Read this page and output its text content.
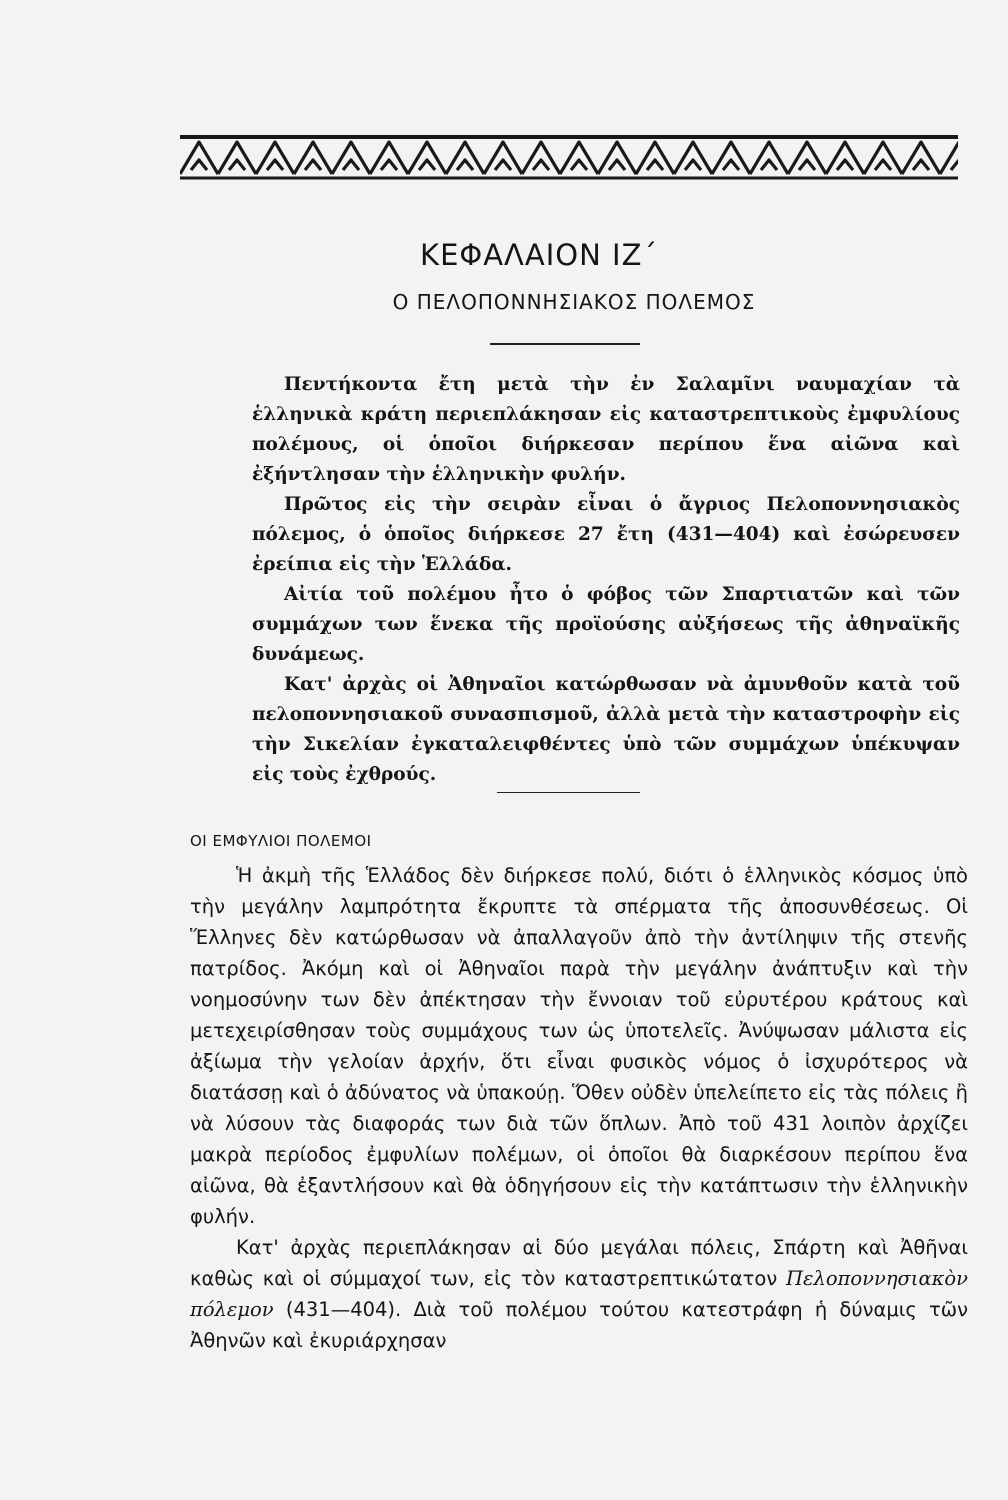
ΚΕΦΑΛΑΙΟΝ ΙΖ΄
Ο ΠΕΛΟΠΟΝΝΗΣΙΑΚΟΣ ΠΟΛΕΜΟΣ

Πεντήκοντα ἔτη μετὰ τὴν ἐν Σαλαμῖνι ναυμαχίαν τὰ ἑλληνικὰ κράτη περιεπλάκησαν εἰς καταστρεπτικοὺς ἐμφυλίους πολέμους, οἱ ὁποῖοι διήρκεσαν περίπου ἕνα αἰῶνα καὶ ἐξήντλησαν τὴν ἑλληνικὴν φυλήν.

Πρῶτος εἰς τὴν σειρὰν εἶναι ὁ ἄγριος Πελοποννησιακὸς πόλεμος, ὁ ὁποῖος διήρκεσε 27 ἔτη (431—404) καὶ ἐσώρευσεν ἐρείπια εἰς τὴν Ἑλλάδα.

Αἰτία τοῦ πολέμου ἦτο ὁ φόβος τῶν Σπαρτιατῶν καὶ τῶν συμμάχων των ἕνεκα τῆς προϊούσης αὐξήσεως τῆς ἀθηναϊκῆς δυνάμεως.

Κατ' ἀρχὰς οἱ Ἀθηναῖοι κατώρθωσαν νὰ ἀμυνθοῦν κατὰ τοῦ πελοποννησιακοῦ συνασπισμοῦ, ἀλλὰ μετὰ τὴν καταστροφὴν εἰς τὴν Σικελίαν ἐγκαταλειφθέντες ὑπὸ τῶν συμμάχων ὑπέκυψαν εἰς τοὺς ἐχθρούς.

ΟΙ ΕΜΦΥΛΙΟΙ ΠΟΛΕΜΟΙ

Ἡ ἀκμὴ τῆς Ἑλλάδος δὲν διήρκεσε πολύ, διότι ὁ ἑλληνικὸς κόσμος ὑπὸ τὴν μεγάλην λαμπρότητα ἔκρυπτε τὰ σπέρματα τῆς ἀποσυνθέσεως. Οἱ Ἕλληνες δὲν κατώρθωσαν νὰ ἀπαλλαγοῦν ἀπὸ τὴν ἀντίληψιν τῆς στενῆς πατρίδος. Ἀκόμη καὶ οἱ Ἀθηναῖοι παρὰ τὴν μεγάλην ἀνάπτυξιν καὶ τὴν νοημοσύνην των δὲν ἀπέκτησαν τὴν ἔννοιαν τοῦ εὐρυτέρου κράτους καὶ μετεχειρίσθησαν τοὺς συμμάχους των ὡς ὑποτελεῖς. Ἀνύψωσαν μάλιστα εἰς ἀξίωμα τὴν γελοίαν ἀρχήν, ὅτι εἶναι φυσικὸς νόμος ὁ ἰσχυρότερος νὰ διατάσσῃ καὶ ὁ ἀδύνατος νὰ ὑπακούῃ. Ὅθεν οὐδὲν ὑπελείπετο εἰς τὰς πόλεις ἢ νὰ λύσουν τὰς διαφοράς των διὰ τῶν ὅπλων. Ἀπὸ τοῦ 431 λοιπὸν ἀρχίζει μακρὰ περίοδος ἐμφυλίων πολέμων, οἱ ὁποῖοι θὰ διαρκέσουν περίπου ἕνα αἰῶνα, θὰ ἐξαντλήσουν καὶ θὰ ὁδηγήσουν εἰς τὴν κατάπτωσιν τὴν ἑλληνικὴν φυλήν.

Κατ' ἀρχὰς περιεπλάκησαν αἱ δύο μεγάλαι πόλεις, Σπάρτη καὶ Ἀθῆναι καθὼς καὶ οἱ σύμμαχοί των, εἰς τὸν καταστρεπτικώτατον Πελοποννησιακὸν πόλεμον (431—404). Διὰ τοῦ πολέμου τούτου κατεστράφη ἡ δύναμις τῶν Ἀθηνῶν καὶ ἐκυριάρχησαν
